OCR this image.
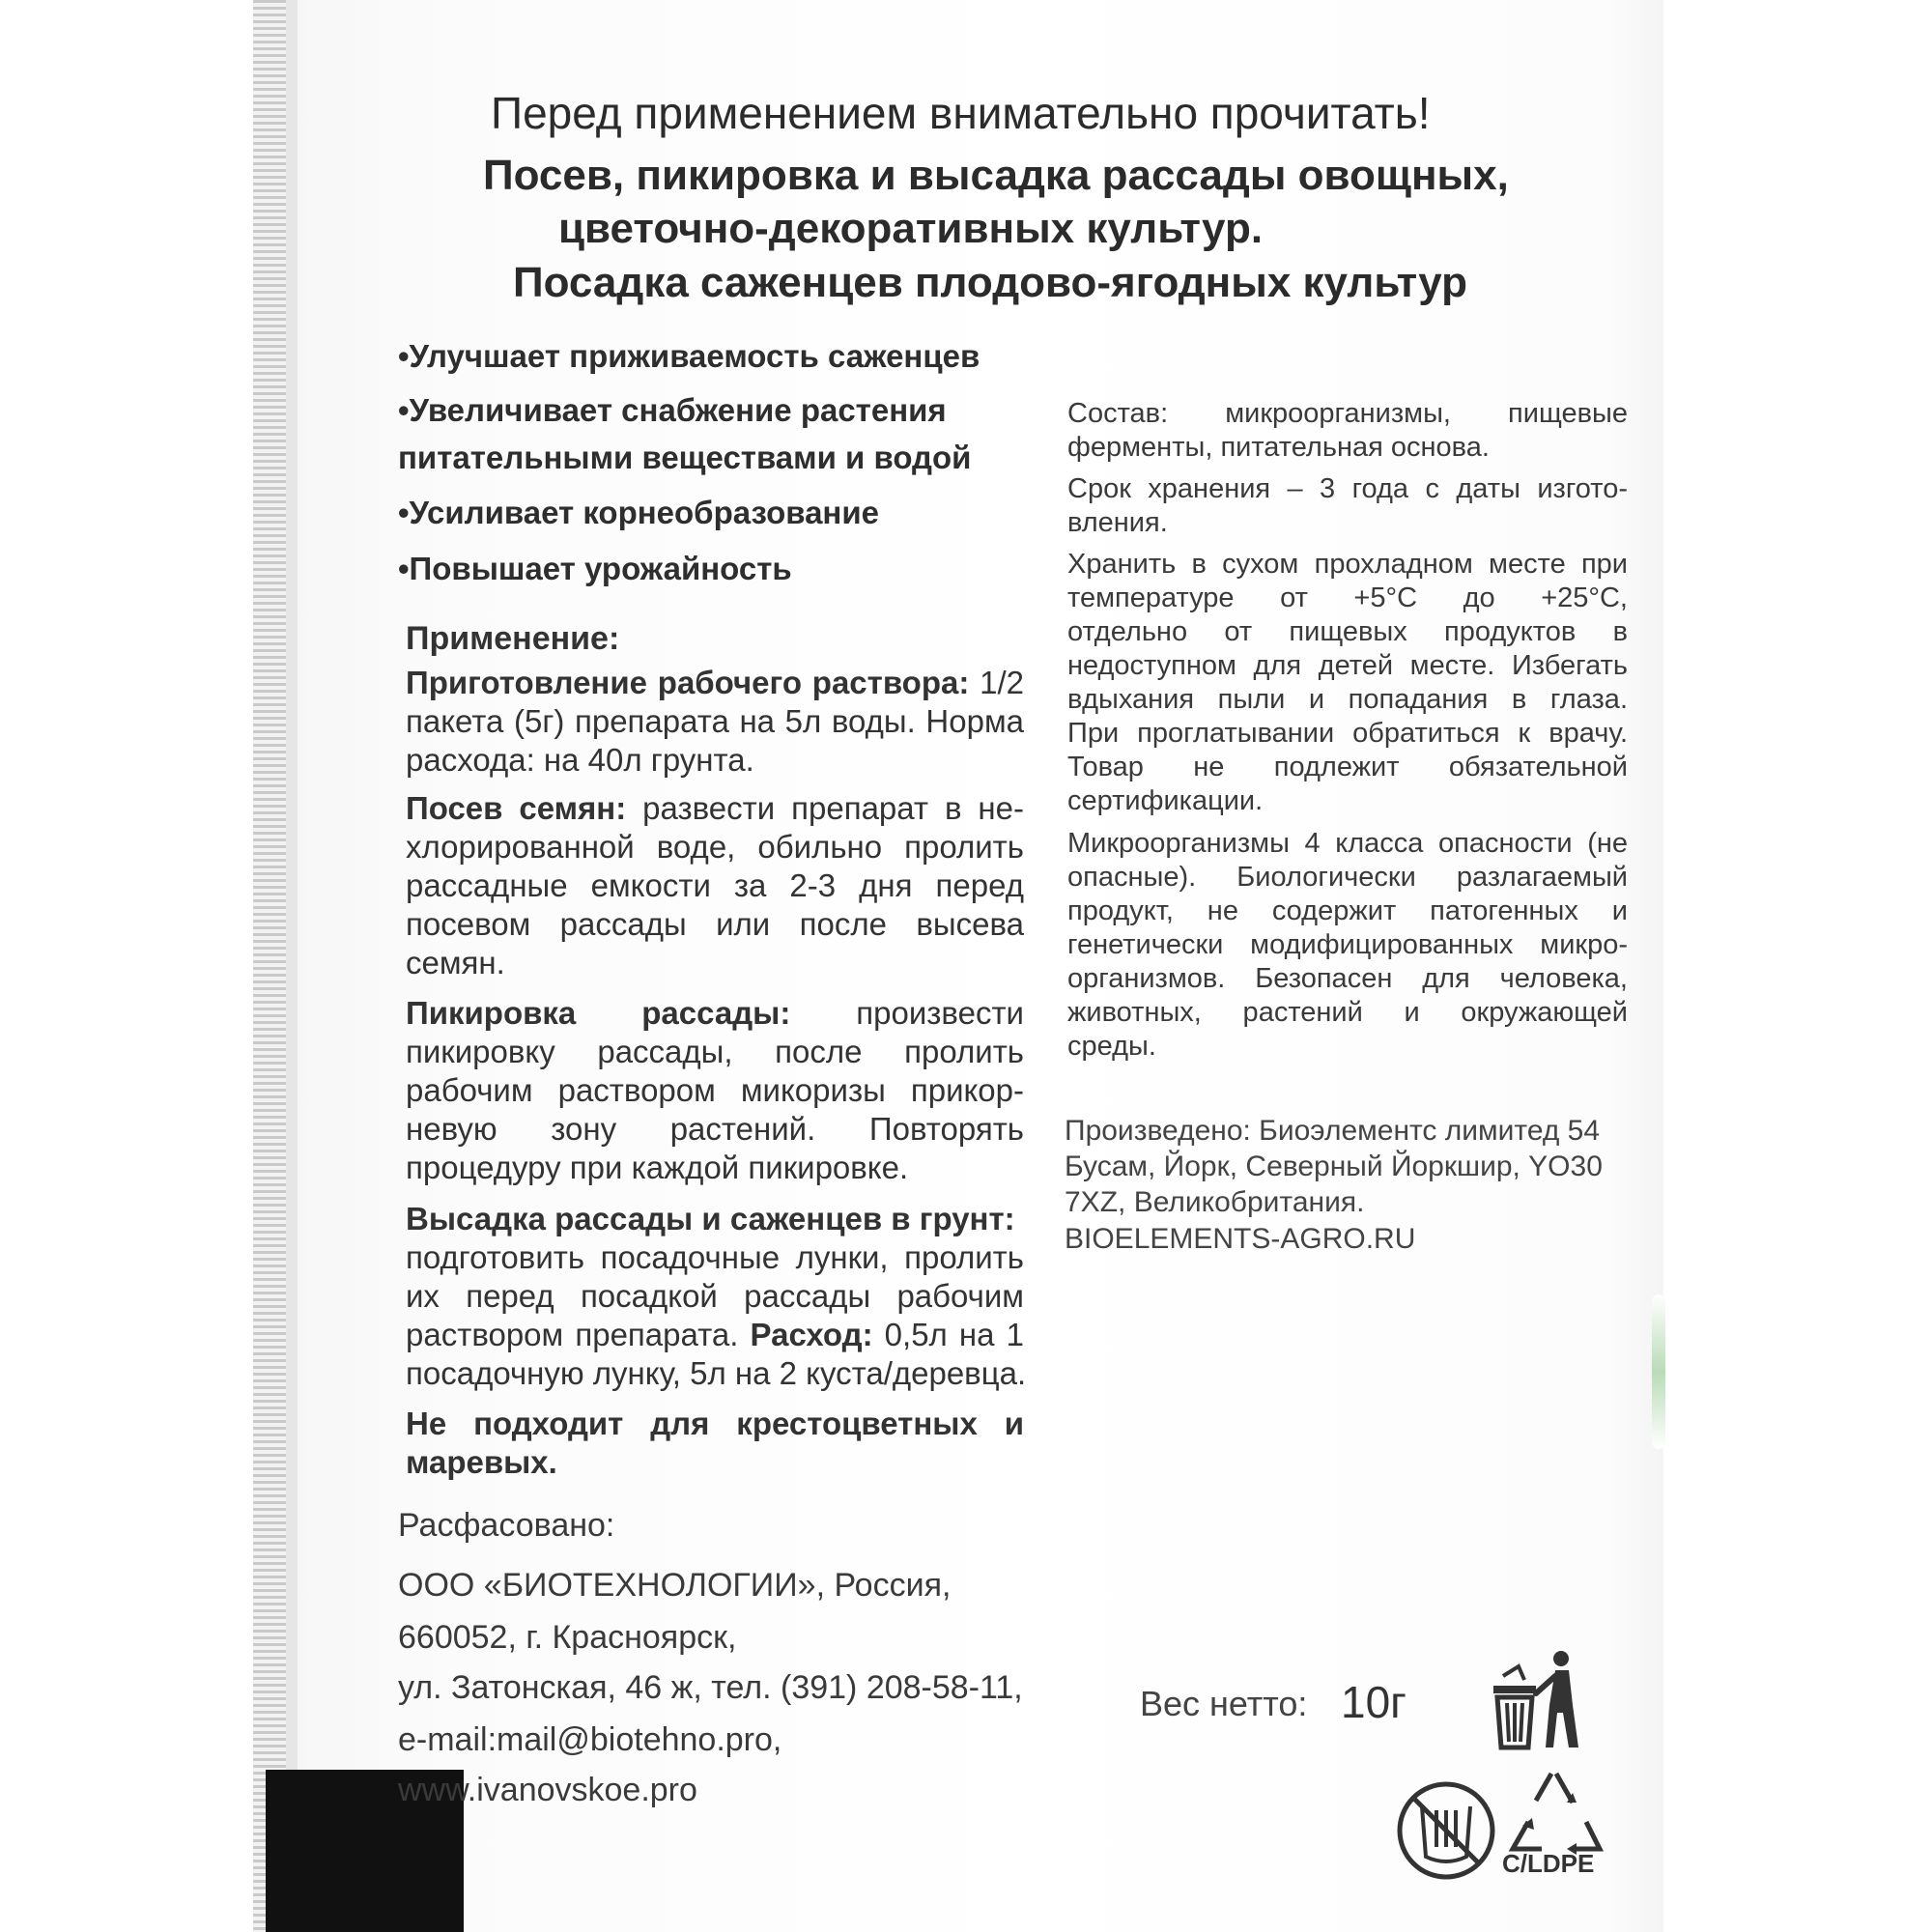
Перед применением внимательно прочитать!

Посев, пикировка и высадка рассады овощных,

цветочно-декоративных культур.

Посадка саженцев плодово-ягодных культур

•Улучшает приживаемость саженцев

•Увеличивает снабжение растения

питательными веществами и водой

•Усиливает корнеобразование

•Повышает урожайность

Применение:

Приготовление рабочего раствора: 1/2

пакета (5г) препарата на 5л воды. Норма

расхода: на 40л грунта.

Посев семян: развести препарат в не-

хлорированной воде, обильно пролить

рассадные емкости за 2-3 дня перед

посевом рассады или после высева

семян.

Пикировка рассады: произвести

пикировку рассады, после пролить

рабочим раствором микоризы прикор-

невую зону растений. Повторять

процедуру при каждой пикировке.

Высадка рассады и саженцев в грунт:

подготовить посадочные лунки, пролить

их перед посадкой рассады рабочим

раствором препарата. Расход: 0,5л на 1

посадочную лунку, 5л на 2 куста/деревца.

Не подходит для крестоцветных и

маревых.

Состав: микроорганизмы, пищевые

ферменты, питательная основа.

Срок хранения – 3 года с даты изгото-

вления.

Хранить в сухом прохладном месте при

температуре от +5°С до +25°С,

отдельно от пищевых продуктов в

недоступном для детей месте. Избегать

вдыхания пыли и попадания в глаза.

При проглатывании обратиться к врачу.

Товар не подлежит обязательной

сертификации.

Микроорганизмы 4 класса опасности (не

опасные). Биологически разлагаемый

продукт, не содержит патогенных и

генетически модифицированных микро-

организмов. Безопасен для человека,

животных, растений и окружающей

среды.

Произведено: Биоэлементс лимитед 54

Бусам, Йорк, Северный Йоркшир, YO30

7XZ, Великобритания.

BIOELEMENTS-AGRO.RU

Расфасовано:

ООО «БИОТЕХНОЛОГИИ», Россия,

660052, г. Красноярск,

ул. Затонская, 46 ж, тел. (391) 208-58-11,

e-mail:mail@biotehno.pro,

www.ivanovskoe.pro

Вес нетто: 10г

C/LDPE
